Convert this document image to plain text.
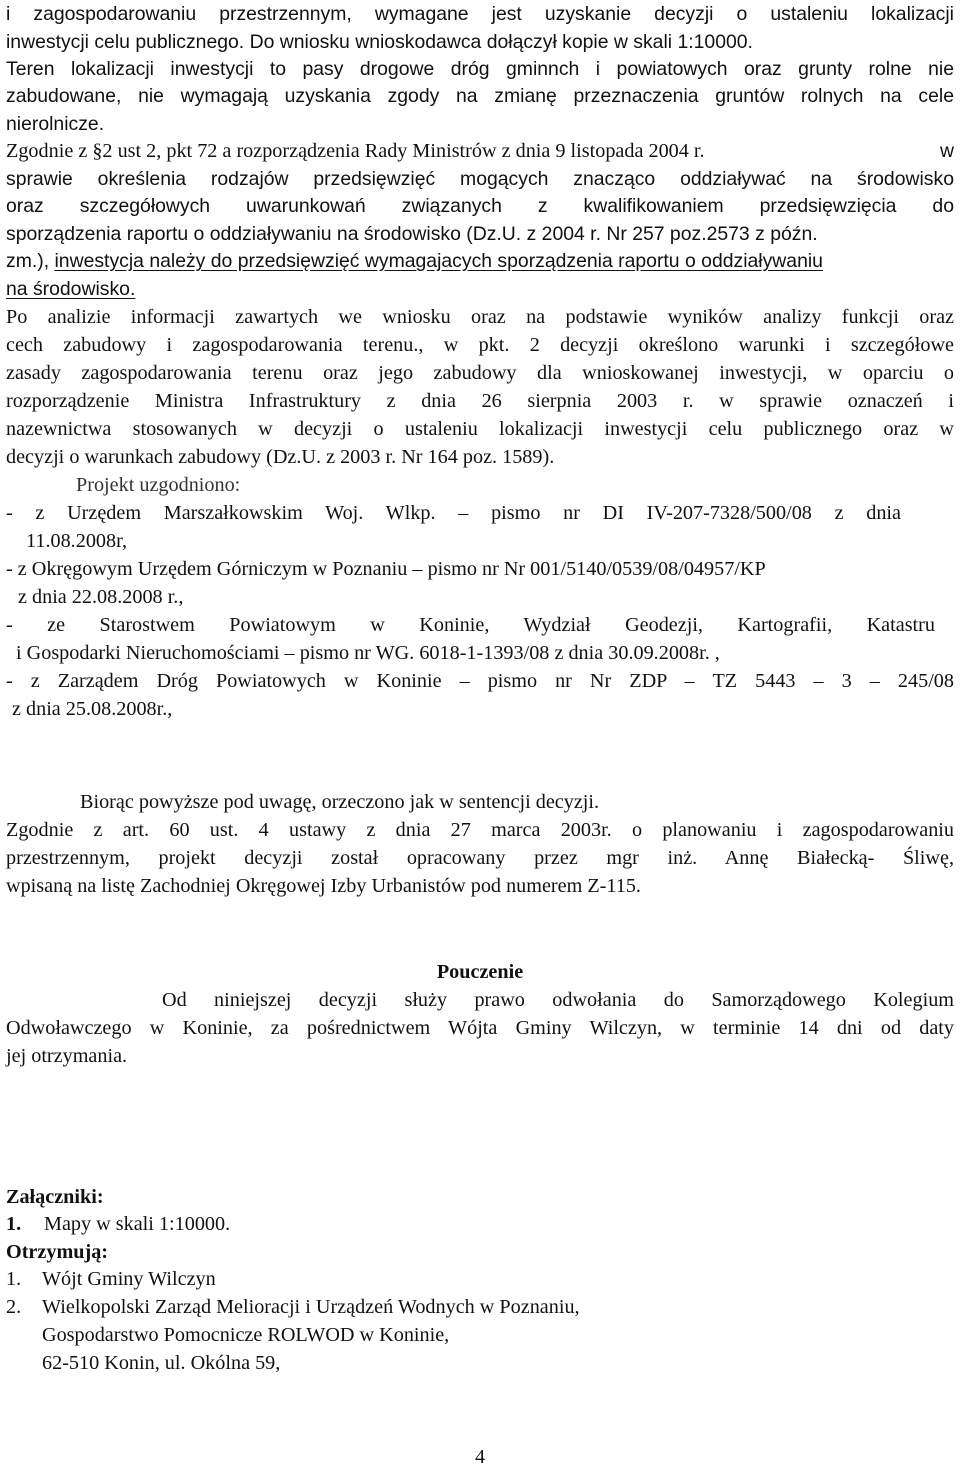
i zagospodarowaniu przestrzennym, wymagane jest uzyskanie decyzji o ustaleniu lokalizacji
inwestycji celu publicznego. Do wniosku wnioskodawca dołączył kopie w skali 1:10000.
Teren lokalizacji inwestycji to pasy drogowe dróg gminnch i powiatowych oraz grunty rolne nie
zabudowane, nie wymagają uzyskania zgody na zmianę przeznaczenia gruntów rolnych na cele
nierolnicze.
Zgodnie z §2 ust 2, pkt 72 a rozporządzenia Rady Ministrów z dnia 9 listopada 2004 r.	w
sprawie określenia rodzajów przedsięwzięć mogących znacząco oddziaływać na środowisko
oraz szczegółowych uwarunkowań związanych z kwalifikowaniem przedsięwzięcia do
sporządzenia raportu o oddziaływaniu na środowisko (Dz.U. z 2004 r. Nr 257 poz.2573 z późn.
zm.), inwestycja należy do przedsięwzięć wymagajacych sporządzenia raportu o oddziaływaniu
na środowisko.
Po analizie informacji zawartych we wniosku oraz na podstawie wyników analizy funkcji oraz
cech zabudowy i zagospodarowania terenu., w pkt. 2 decyzji określono warunki i szczegółowe
zasady zagospodarowania terenu oraz jego zabudowy dla wnioskowanej inwestycji, w oparciu o
rozporządzenie Ministra Infrastruktury z dnia 26 sierpnia 2003 r. w sprawie oznaczeń i
nazewnictwa stosowanych w decyzji o ustaleniu lokalizacji inwestycji celu publicznego oraz w
decyzji o warunkach zabudowy (Dz.U. z 2003 r. Nr 164 poz. 1589).
Projekt uzgodniono:
- z Urzędem Marszałkowskim Woj. Wlkp. – pismo nr DI IV-207-7328/500/08 z dnia
11.08.2008r,
- z Okręgowym Urzędem Górniczym w Poznaniu – pismo nr Nr 001/5140/0539/08/04957/KP
z dnia 22.08.2008 r.,
- ze Starostwem Powiatowym w Koninie, Wydział Geodezji, Kartografii, Katastru
i Gospodarki Nieruchomościami – pismo nr WG. 6018-1-1393/08 z dnia 30.09.2008r. ,
- z Zarządem Dróg Powiatowych w Koninie – pismo nr Nr ZDP – TZ 5443 – 3 – 245/08
z dnia 25.08.2008r.,
Biorąc powyższe pod uwagę, orzeczono jak w sentencji decyzji.
Zgodnie z art. 60 ust. 4 ustawy z dnia 27 marca 2003r. o planowaniu i zagospodarowaniu
przestrzennym, projekt decyzji został opracowany przez mgr inż. Annę Białecką- Śliwę,
wpisaną na listę Zachodniej Okręgowej Izby Urbanistów pod numerem Z-115.
Pouczenie
Od niniejszej decyzji służy prawo odwołania do Samorządowego Kolegium
Odwoławczego w Koninie, za pośrednictwem Wójta Gminy Wilczyn, w terminie 14 dni od daty
jej otrzymania.
Załączniki:
1. Mapy w skali 1:10000.
Otrzymują:
1. Wójt Gminy Wilczyn
2. Wielkopolski Zarząd Melioracji i Urządzeń Wodnych w Poznaniu,
Gospodarstwo Pomocnicze ROLWOD w Koninie,
62-510 Konin, ul. Okólna 59,
4
